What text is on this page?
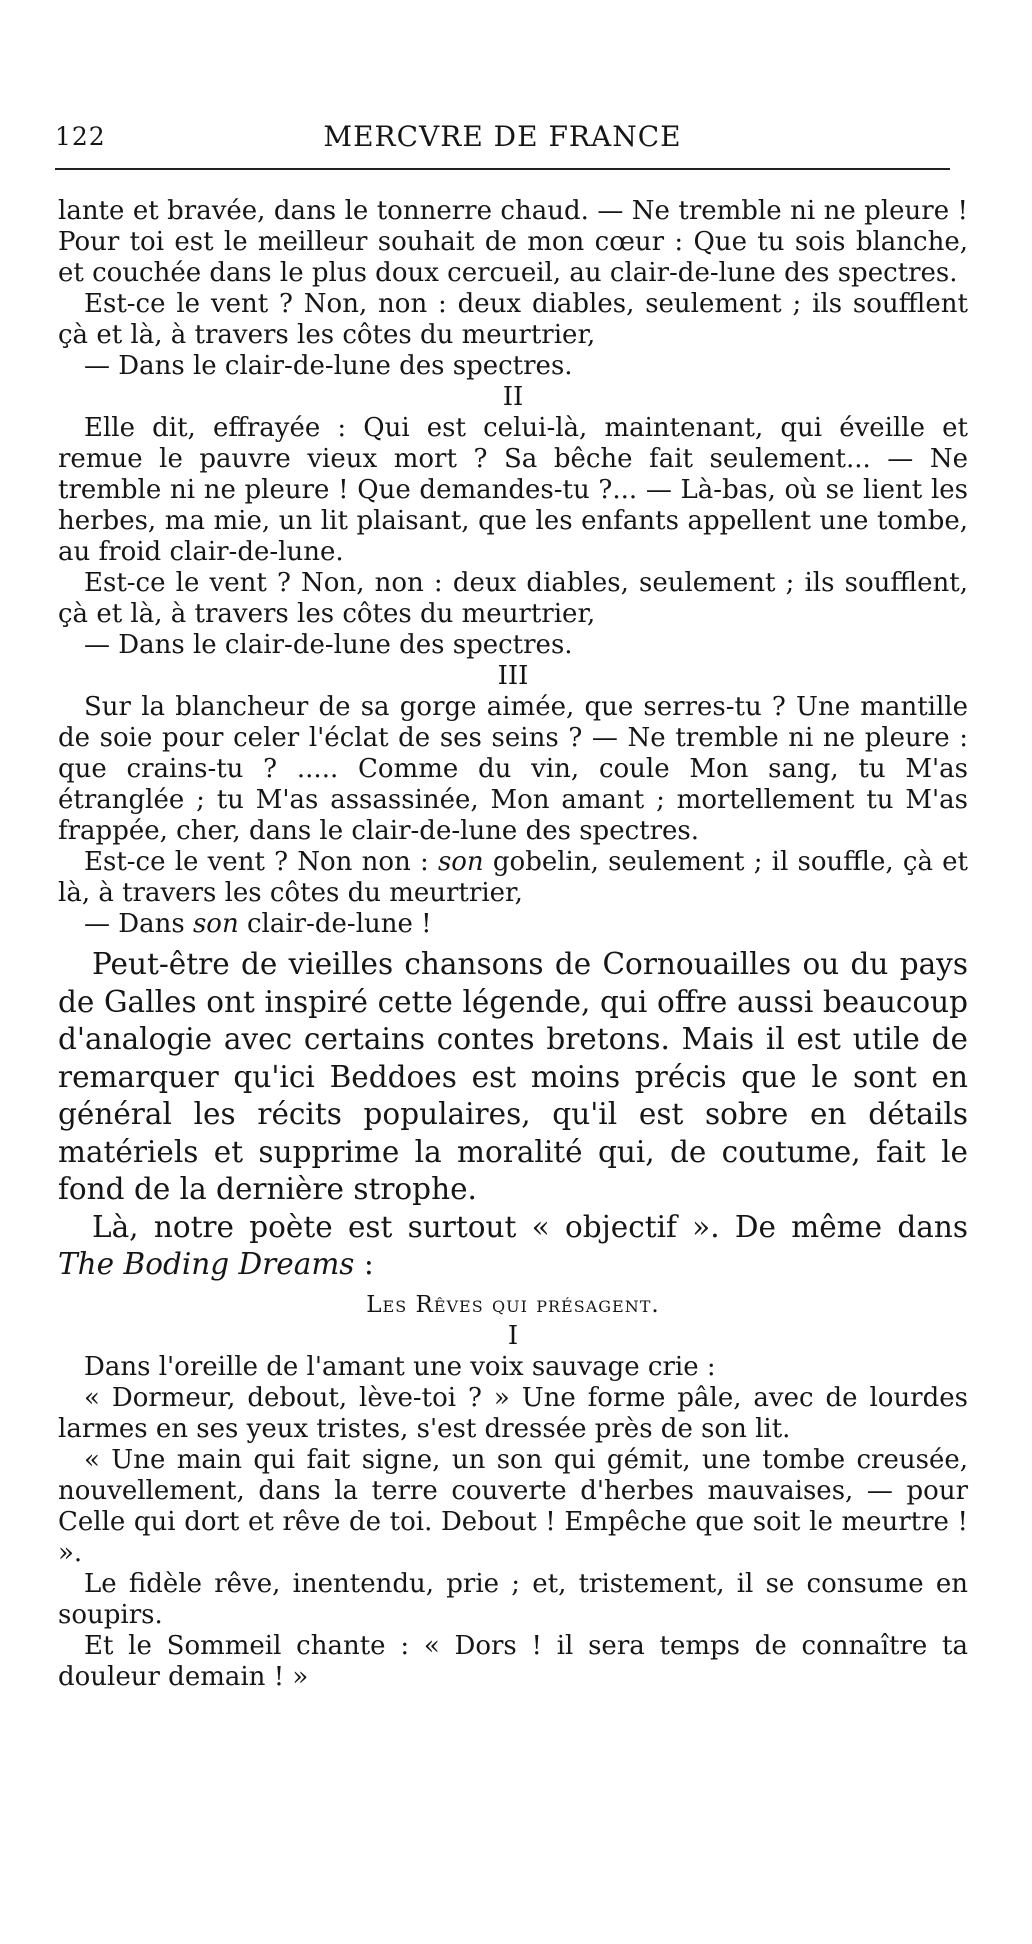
122	MERCVRE DE FRANCE

lante et bravée, dans le tonnerre chaud. — Ne tremble ni ne pleure ! Pour toi est le meilleur souhait de mon cœur : Que tu sois blanche, et couchée dans le plus doux cercueil, au clair-de-lune des spectres.

Est-ce le vent ? Non, non : deux diables, seulement ; ils soufflent çà et là, à travers les côtes du meurtrier,

— Dans le clair-de-lune des spectres.

II

Elle dit, effrayée : Qui est celui-là, maintenant, qui éveille et remue le pauvre vieux mort ? Sa bêche fait seulement... — Ne tremble ni ne pleure ! Que demandes-tu ?... — Là-bas, où se lient les herbes, ma mie, un lit plaisant, que les enfants appellent une tombe, au froid clair-de-lune.

Est-ce le vent ? Non, non : deux diables, seulement ; ils soufflent, çà et là, à travers les côtes du meurtrier,

— Dans le clair-de-lune des spectres.

III

Sur la blancheur de sa gorge aimée, que serres-tu ? Une mantille de soie pour celer l'éclat de ses seins ? — Ne tremble ni ne pleure : que crains-tu ? ..... Comme du vin, coule Mon sang, tu M'as étranglée ; tu M'as assassinée, Mon amant ; mortellement tu M'as frappée, cher, dans le clair-de-lune des spectres.

Est-ce le vent ? Non non : son gobelin, seulement ; il souffle, çà et là, à travers les côtes du meurtrier,

— Dans son clair-de-lune !

Peut-être de vieilles chansons de Cornouailles ou du pays de Galles ont inspiré cette légende, qui offre aussi beaucoup d'analogie avec certains contes bretons. Mais il est utile de remarquer qu'ici Beddoes est moins précis que le sont en général les récits populaires, qu'il est sobre en détails matériels et supprime la moralité qui, de coutume, fait le fond de la dernière strophe.

Là, notre poète est surtout « objectif ». De même dans The Boding Dreams :

Les Rêves qui présagent.

I

Dans l'oreille de l'amant une voix sauvage crie :

« Dormeur, debout, lève-toi ? » Une forme pâle, avec de lourdes larmes en ses yeux tristes, s'est dressée près de son lit.

« Une main qui fait signe, un son qui gémit, une tombe creusée, nouvellement, dans la terre couverte d'herbes mauvaises, — pour Celle qui dort et rêve de toi. Debout ! Empêche que soit le meurtre ! ».

Le fidèle rêve, inentendu, prie ; et, tristement, il se consume en soupirs.

Et le Sommeil chante : « Dors ! il sera temps de connaître ta douleur demain ! »
